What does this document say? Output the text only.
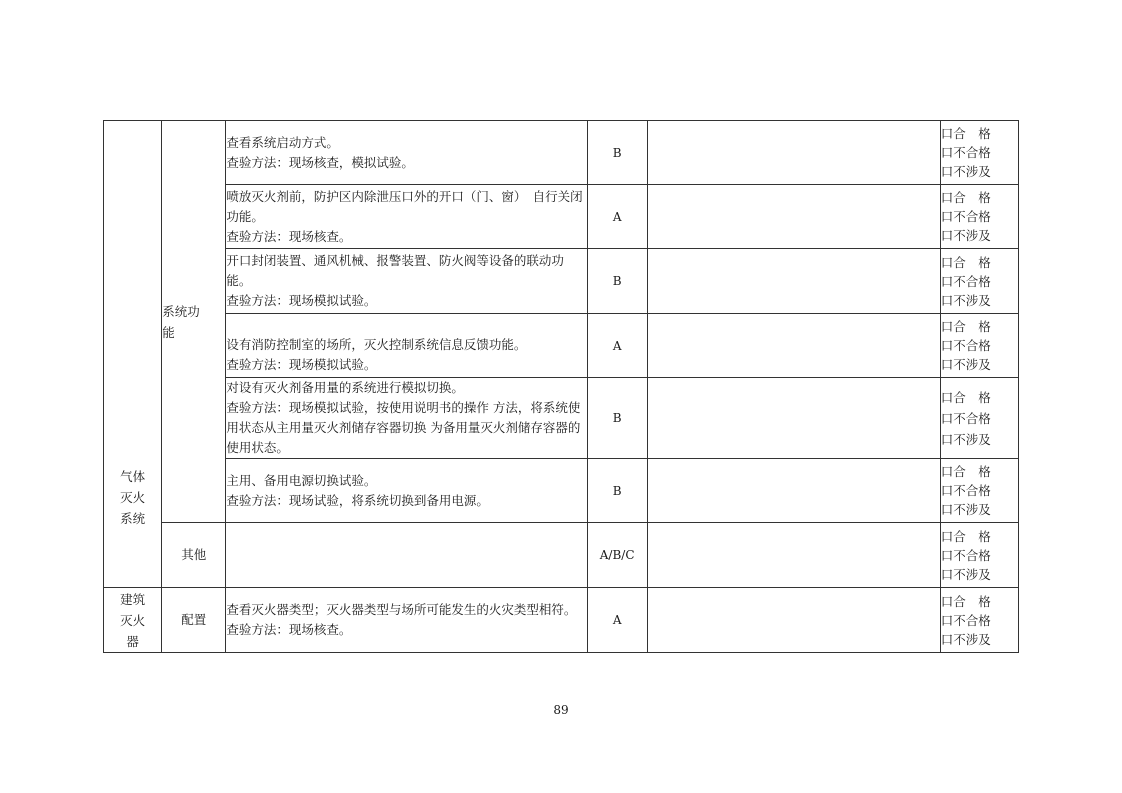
气体灭火系统	系统功能	查看系统启动方式。
查验方法：现场核查，模拟试验。	B		口合　格
口不合格
口不涉及

		喷放灭火剂前，防护区内除泄压口外的开口（门、窗）　自行关闭功能。
查验方法：现场核查。	A		口合　格
口不合格
口不涉及

		开口封闭装置、通风机械、报警装置、防火阀等设备的联动功能。
查验方法：现场模拟试验。	B		口合　格
口不合格
口不涉及

		设有消防控制室的场所，灭火控制系统信息反馈功能。
查验方法：现场模拟试验。	A		口合　格
口不合格
口不涉及

		对设有灭火剂备用量的系统进行模拟切换。
查验方法：现场模拟试验，按使用说明书的操作 方法，将系统使用状态从主用量灭火剂储存容器切换 为备用量灭火剂储存容器的使用状态。	B		口合　格
口不合格
口不涉及

		主用、备用电源切换试验。
查验方法：现场试验，将系统切换到备用电源。	B		口合　格
口不合格
口不涉及

	其他		A/B/C		口合　格
口不合格
口不涉及

建筑灭火器	配置	查看灭火器类型；灭火器类型与场所可能发生的火灾类型相符。
查验方法：现场核查。	A		口合　格
口不合格
口不涉及
89
